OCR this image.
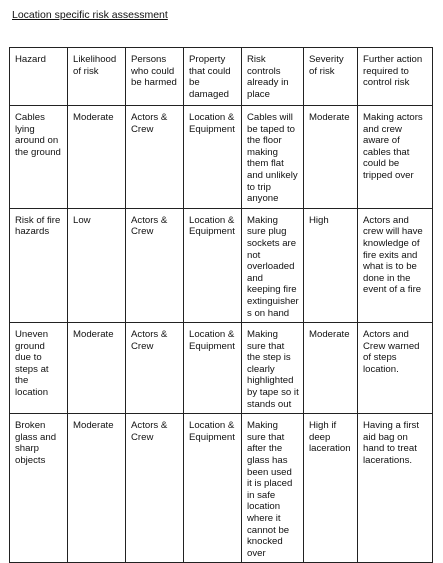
Location specific risk assessment
Hazard	Likelihood of risk	Persons who could be harmed	Property that could be damaged	Risk controls already in place	Severity of risk	Further action required to control risk
Cables lying around on the ground	Moderate	Actors & Crew	Location & Equipment	Cables will be taped to the floor making them flat and unlikely to trip anyone	Moderate	Making actors and crew aware of cables that could be tripped over
Risk of fire hazards	Low	Actors & Crew	Location & Equipment	Making sure plug sockets are not overloaded and keeping fire extinguishers on hand	High	Actors and crew will have knowledge of fire exits and what is to be done in the event of a fire
Uneven ground due to steps at the location	Moderate	Actors & Crew	Location & Equipment	Making sure that the step is clearly highlighted by tape so it stands out	Moderate	Actors and Crew warned of steps location.
Broken glass and sharp objects	Moderate	Actors & Crew	Location & Equipment	Making sure that after the glass has been used it is placed in safe location where it cannot be knocked over	High if deep laceration	Having a first aid bag on hand to treat lacerations.
